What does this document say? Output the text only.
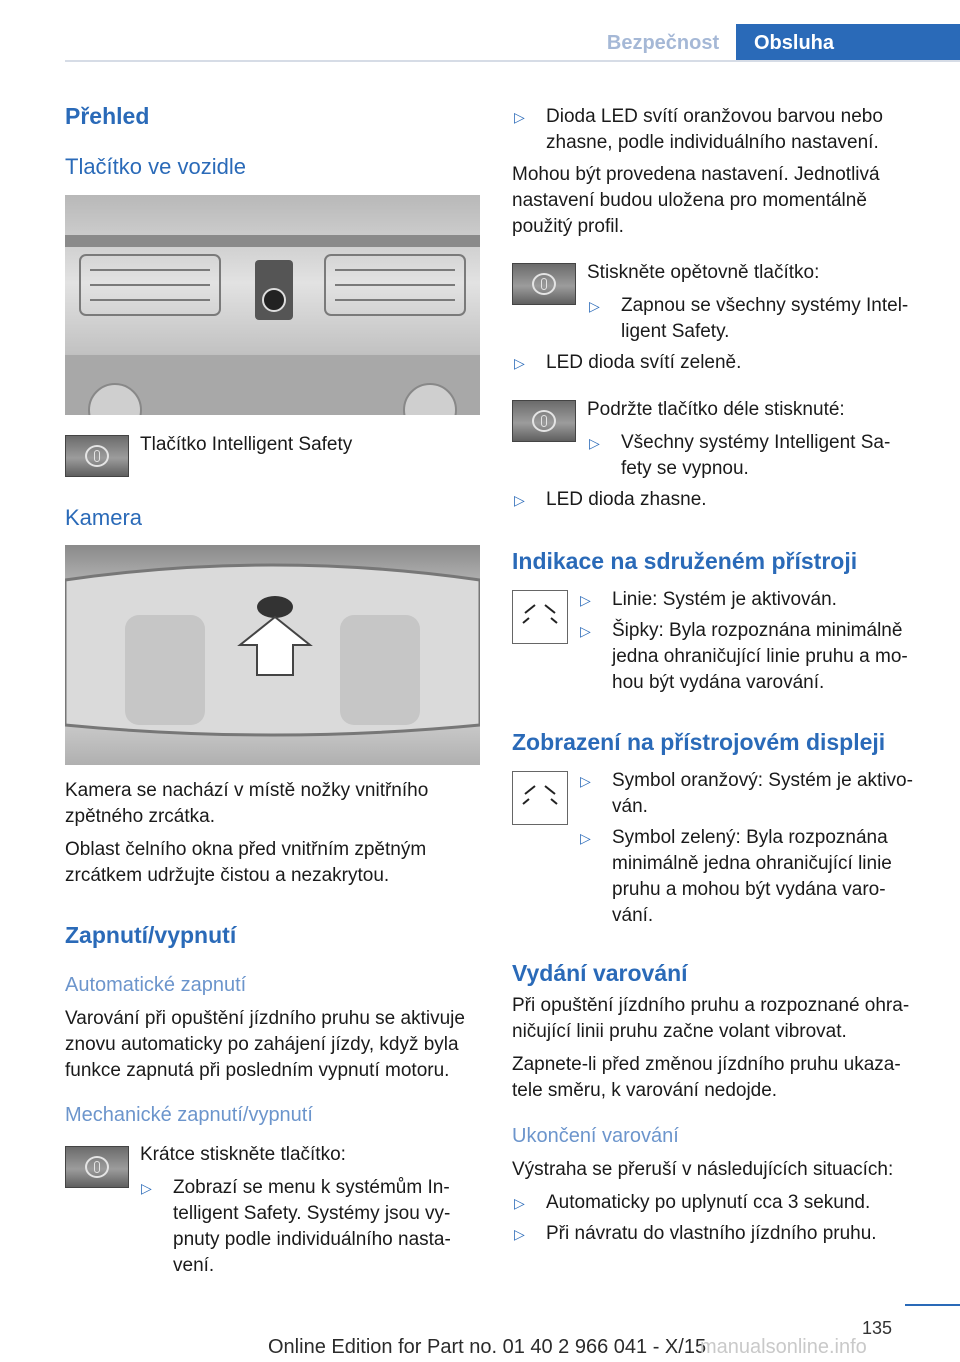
Bezpečnost	Obsluha
Přehled
Tlačítko ve vozidle
Tlačítko Intelligent Safety
Kamera
Kamera se nachází v místě nožky vnitřního
zpětného zrcátka.
Oblast čelního okna před vnitřním zpětným
zrcátkem udržujte čistou a nezakrytou.
Zapnutí/vypnutí
Automatické zapnutí
Varování při opuštění jízdního pruhu se aktivuje
znovu automaticky po zahájení jízdy, když byla
funkce zapnutá při posledním vypnutí motoru.
Mechanické zapnutí/vypnutí
Krátce stiskněte tlačítko:
▷ Zobrazí se menu k systémům In‐
telligent Safety. Systémy jsou vy‐
pnuty podle individuálního nasta‐
vení.
▷ Dioda LED svítí oranžovou barvou nebo
zhasne, podle individuálního nastavení.
Mohou být provedena nastavení. Jednotlivá
nastavení budou uložena pro momentálně
použitý profil.
Stiskněte opětovně tlačítko:
▷ Zapnou se všechny systémy Intel‐
ligent Safety.
▷ LED dioda svítí zeleně.
Podržte tlačítko déle stisknuté:
▷ Všechny systémy Intelligent Sa‐
fety se vypnou.
▷ LED dioda zhasne.
Indikace na sdruženém přístroji
▷ Linie: Systém je aktivován.
▷ Šipky: Byla rozpoznána minimálně
jedna ohraničující linie pruhu a mo‐
hou být vydána varování.
Zobrazení na přístrojovém displeji
▷ Symbol oranžový: Systém je aktivo‐
ván.
▷ Symbol zelený: Byla rozpoznána
minimálně jedna ohraničující linie
pruhu a mohou být vydána varo‐
vání.
Vydání varování
Při opuštění jízdního pruhu a rozpoznané ohra‐
ničující linii pruhu začne volant vibrovat.
Zapnete-li před změnou jízdního pruhu ukaza‐
tele směru, k varování nedojde.
Ukončení varování
Výstraha se přeruší v následujících situacích:
▷ Automaticky po uplynutí cca 3 sekund.
▷ Při návratu do vlastního jízdního pruhu.
135
Online Edition for Part no. 01 40 2 966 041 - X/15
manualsonline.info
